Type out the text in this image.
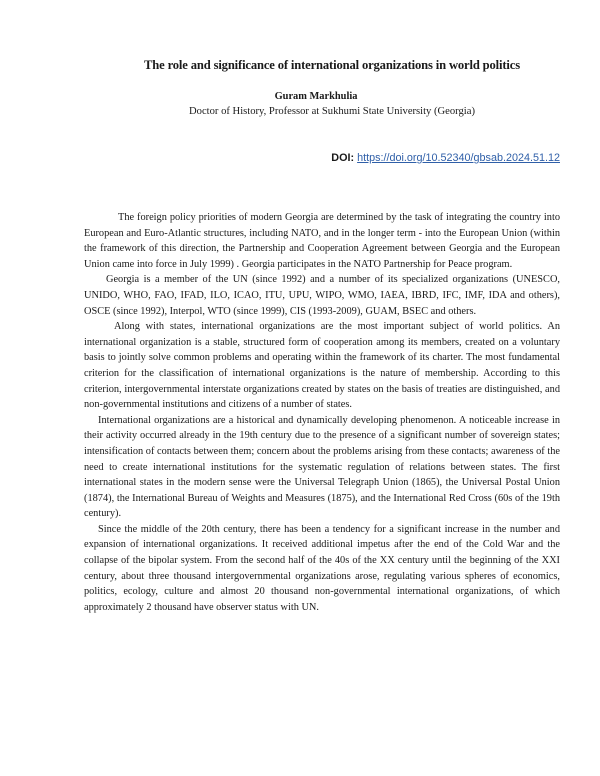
The role and significance of international organizations in world politics
Guram Markhulia
Doctor of History, Professor at Sukhumi State University (Georgia)
DOI: https://doi.org/10.52340/gbsab.2024.51.12

The foreign policy priorities of modern Georgia are determined by the task of integrating the country into European and Euro-Atlantic structures, including NATO, and in the longer term - into the European Union (within the framework of this direction, the Partnership and Cooperation Agreement between Georgia and the European Union came into force in July 1999) . Georgia participates in the NATO Partnership for Peace program.

Georgia is a member of the UN (since 1992) and a number of its specialized organizations (UNESCO, UNIDO, WHO, FAO, IFAD, ILO, ICAO, ITU, UPU, WIPO, WMO, IAEA, IBRD, IFC, IMF, IDA and others), OSCE (since 1992), Interpol, WTO (since 1999), CIS (1993-2009), GUAM, BSEC and others.

Along with states, international organizations are the most important subject of world politics. An international organization is a stable, structured form of cooperation among its members, created on a voluntary basis to jointly solve common problems and operating within the framework of its charter. The most fundamental criterion for the classification of international organizations is the nature of membership. According to this criterion, intergovernmental interstate organizations created by states on the basis of treaties are distinguished, and non-governmental institutions and citizens of a number of states.

International organizations are a historical and dynamically developing phenomenon. A noticeable increase in their activity occurred already in the 19th century due to the presence of a significant number of sovereign states; intensification of contacts between them; concern about the problems arising from these contacts; awareness of the need to create international institutions for the systematic regulation of relations between states. The first international states in the modern sense were the Universal Telegraph Union (1865), the Universal Postal Union (1874), the International Bureau of Weights and Measures (1875), and the International Red Cross (60s of the 19th century).

Since the middle of the 20th century, there has been a tendency for a significant increase in the number and expansion of international organizations. It received additional impetus after the end of the Cold War and the collapse of the bipolar system. From the second half of the 40s of the XX century until the beginning of the XXI century, about three thousand intergovernmental organizations arose, regulating various spheres of economics, politics, ecology, culture and almost 20 thousand non-governmental international organizations, of which approximately 2 thousand have observer status with UN.
